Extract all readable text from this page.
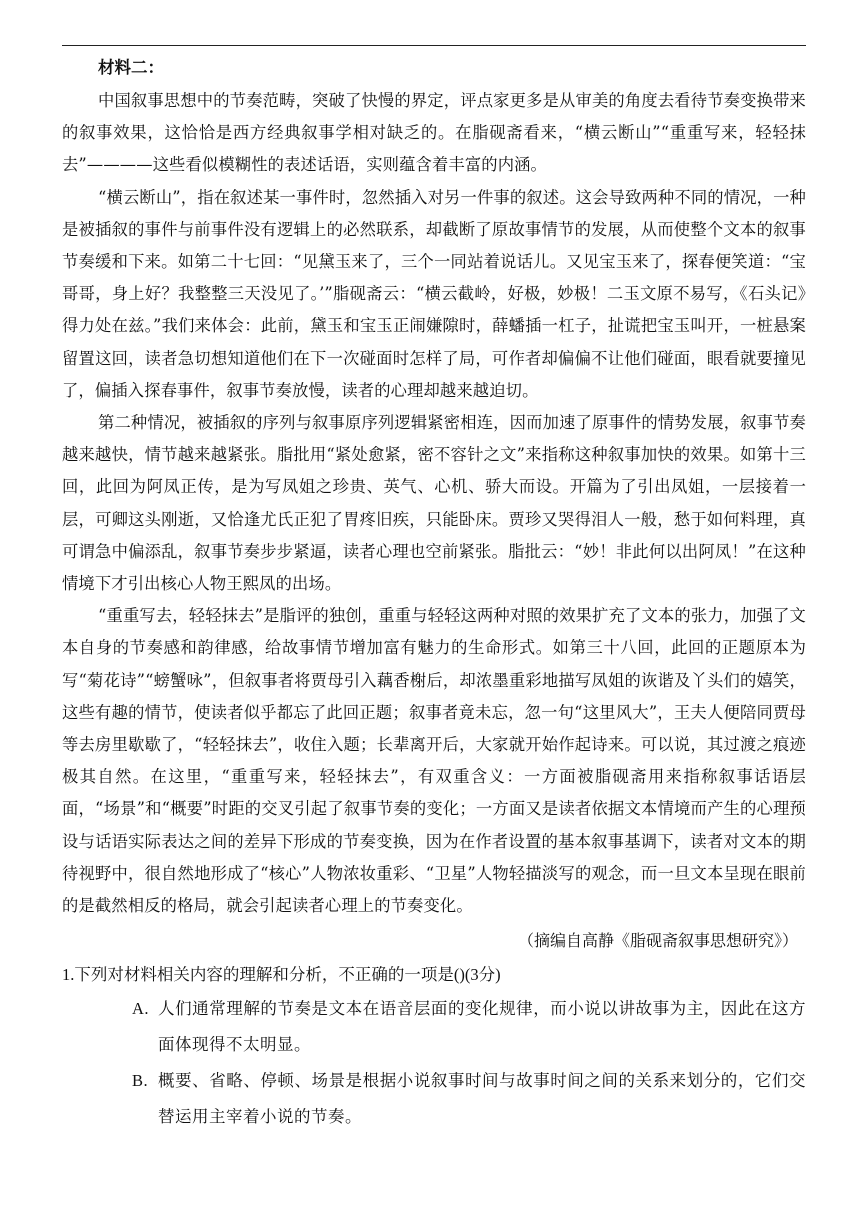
材料二：

中国叙事思想中的节奏范畴，突破了快慢的界定，评点家更多是从审美的角度去看待节奏变换带来的叙事效果，这恰恰是西方经典叙事学相对缺乏的。在脂砚斋看来，“横云断山”“重重写来，轻轻抹去”————这些看似模糊性的表述话语，实则蕴含着丰富的内涵。

“横云断山”，指在叙述某一事件时，忽然插入对另一件事的叙述。这会导致两种不同的情况，一种是被插叙的事件与前事件没有逻辑上的必然联系，却截断了原故事情节的发展，从而使整个文本的叙事节奏缓和下来。如第二十七回：“见黛玉来了，三个一同站着说话儿。又见宝玉来了，探春便笑道：“宝哥哥，身上好？我整整三天没见了。’”脂砚斋云：“横云截岭，好极，妙极！二玉文原不易写，《石头记》得力处在兹。”我们来体会：此前，黛玉和宝玉正闹嫌隙时，薛蟠插一杠子，扯谎把宝玉叫开，一桩悬案留置这回，读者急切想知道他们在下一次碰面时怎样了局，可作者却偏偏不让他们碰面，眼看就要撞见了，偏插入探春事件，叙事节奏放慢，读者的心理却越来越迫切。

第二种情况，被插叙的序列与叙事原序列逻辑紧密相连，因而加速了原事件的情势发展，叙事节奏越来越快，情节越来越紧张。脂批用“紧处愈紧，密不容针之文”来指称这种叙事加快的效果。如第十三回，此回为阿凤正传，是为写凤姐之珍贵、英气、心机、骄大而设。开篇为了引出凤姐，一层接着一层，可卿这头刚逝，又恰逢尤氏正犯了胃疼旧疾，只能卧床。贾珍又哭得泪人一般，愁于如何料理，真可谓急中偏添乱，叙事节奏步步紧逼，读者心理也空前紧张。脂批云：“妙！非此何以出阿凤！”在这种情境下才引出核心人物王熙凤的出场。

“重重写去，轻轻抹去”是脂评的独创，重重与轻轻这两种对照的效果扩充了文本的张力，加强了文本自身的节奏感和韵律感，给故事情节增加富有魅力的生命形式。如第三十八回，此回的正题原本为写“菊花诗”“螃蟹咏”，但叙事者将贾母引入藕香榭后，却浓墨重彩地描写凤姐的诙谐及丫头们的嬉笑，这些有趣的情节，使读者似乎都忘了此回正题；叙事者竟未忘，忽一句“这里风大”，王夫人便陪同贾母等去房里歇歇了，“轻轻抹去”，收住入题；长辈离开后，大家就开始作起诗来。可以说，其过渡之痕迹极其自然。在这里，“重重写来，轻轻抹去”，有双重含义：一方面被脂砚斋用来指称叙事话语层面，“场景”和“概要”时距的交叉引起了叙事节奏的变化；一方面又是读者依据文本情境而产生的心理预设与话语实际表达之间的差异下形成的节奏变换，因为在作者设置的基本叙事基调下，读者对文本的期待视野中，很自然地形成了“核心”人物浓妆重彩、“卫星”人物轻描淡写的观念，而一旦文本呈现在眼前的是截然相反的格局，就会引起读者心理上的节奏变化。

（摘编自高静《脂砚斋叙事思想研究》）

1.下列对材料相关内容的理解和分析，不正确的一项是()(3分)

A. 人们通常理解的节奏是文本在语音层面的变化规律，而小说以讲故事为主，因此在这方面体现得不太明显。

B. 概要、省略、停顿、场景是根据小说叙事时间与故事时间之间的关系来划分的，它们交替运用主宰着小说的节奏。
